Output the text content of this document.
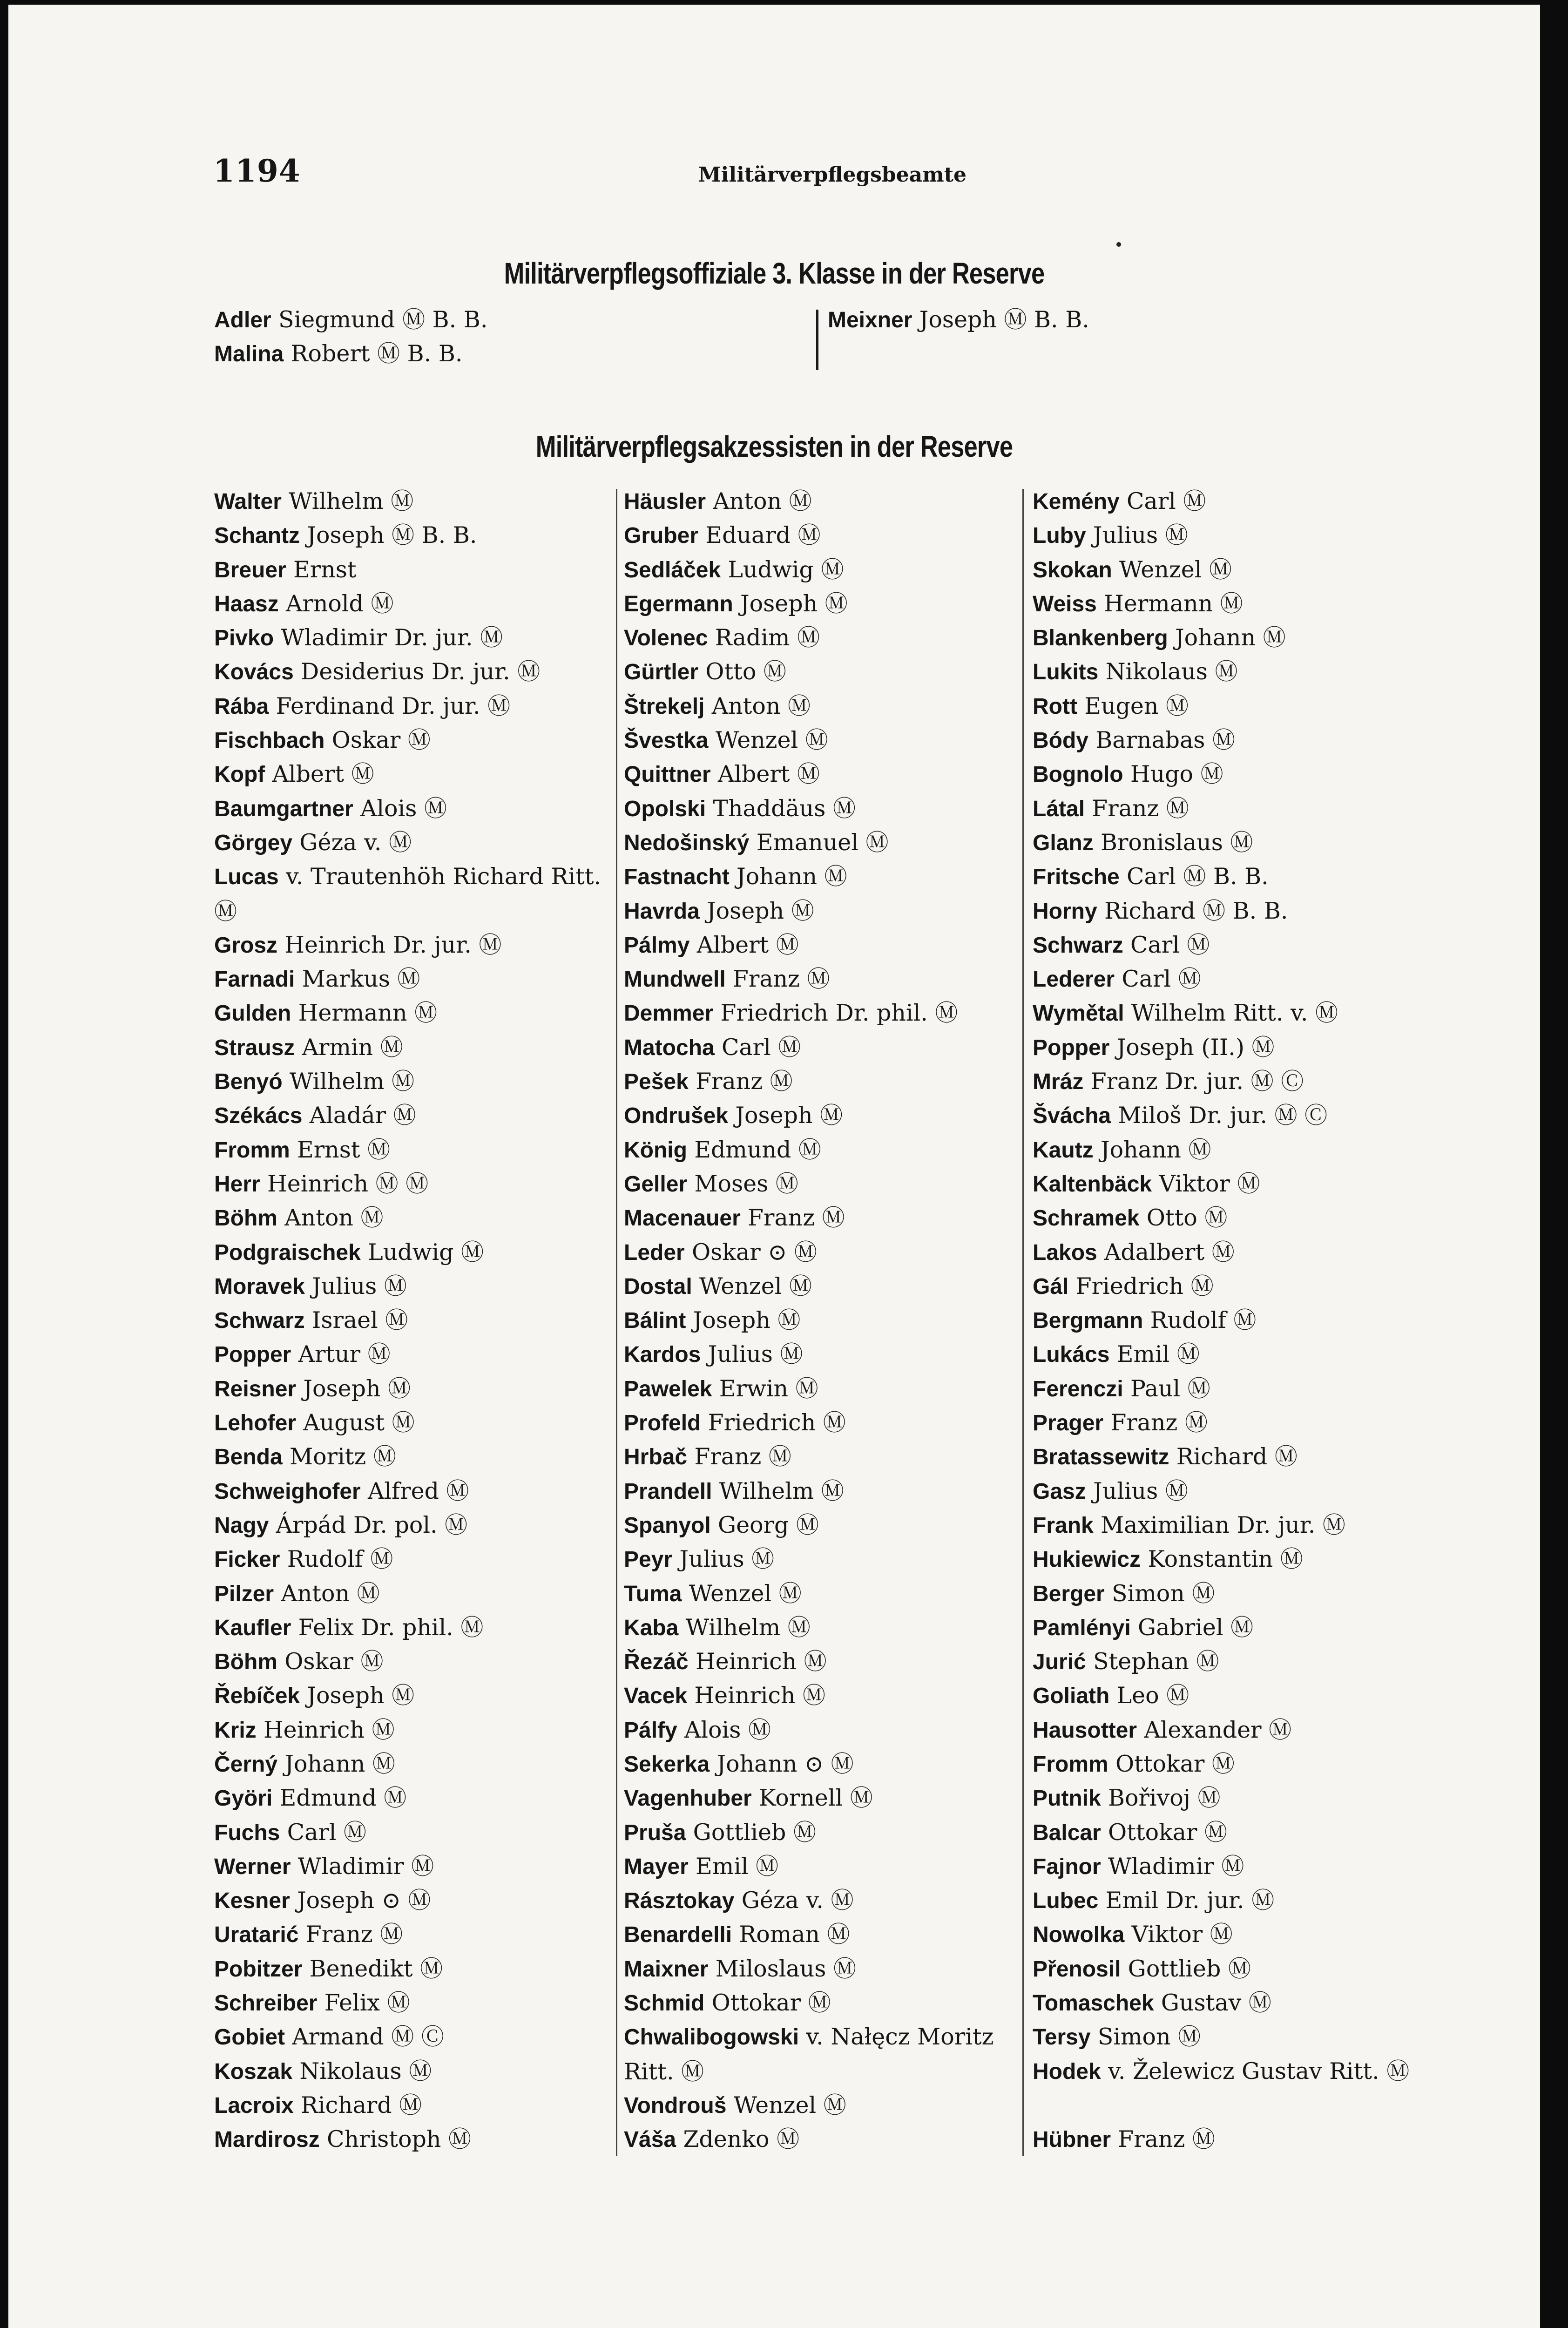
1194	Militärverpflegsbeamte
Militärverpflegsoffiziale 3. Klasse in der Reserve
Adler Siegmund Ⓜ B. B.
Malina Robert Ⓜ B. B.
Meixner Joseph Ⓜ B. B.
Militärverpflegsakzessisten in der Reserve
Walter Wilhelm Ⓜ
Schantz Joseph Ⓜ B. B.
Breuer Ernst
Haasz Arnold Ⓜ
Pivko Wladimir Dr. jur. Ⓜ
Kovács Desiderius Dr. jur. Ⓜ
Rába Ferdinand Dr. jur. Ⓜ
Fischbach Oskar Ⓜ
Kopf Albert Ⓜ
Baumgartner Alois Ⓜ
Görgey Géza v. Ⓜ
Lucas v. Trautenhöh Richard Ritt. Ⓜ
Grosz Heinrich Dr. jur. Ⓜ
Farnadi Markus Ⓜ
Gulden Hermann Ⓜ
Strausz Armin Ⓜ
Benyó Wilhelm Ⓜ
Székács Aladár Ⓜ
Fromm Ernst Ⓜ
Herr Heinrich Ⓜ Ⓜ
Böhm Anton Ⓜ
Podgraischek Ludwig Ⓜ
Moravek Julius Ⓜ
Schwarz Israel Ⓜ
Popper Artur Ⓜ
Reisner Joseph Ⓜ
Lehofer August Ⓜ
Benda Moritz Ⓜ
Schweighofer Alfred Ⓜ
Nagy Árpád Dr. pol. Ⓜ
Ficker Rudolf Ⓜ
Pilzer Anton Ⓜ
Kaufler Felix Dr. phil. Ⓜ
Böhm Oskar Ⓜ
Řebíček Joseph Ⓜ
Kriz Heinrich Ⓜ
Černý Johann Ⓜ
Györi Edmund Ⓜ
Fuchs Carl Ⓜ
Werner Wladimir Ⓜ
Kesner Joseph ⊙ Ⓜ
Uratarić Franz Ⓜ
Pobitzer Benedikt Ⓜ
Schreiber Felix Ⓜ
Gobiet Armand Ⓜ Ⓒ
Koszak Nikolaus Ⓜ
Lacroix Richard Ⓜ
Mardirosz Christoph Ⓜ
Häusler Anton Ⓜ
Gruber Eduard Ⓜ
Sedláček Ludwig Ⓜ
Egermann Joseph Ⓜ
Volenec Radim Ⓜ
Gürtler Otto Ⓜ
Štrekelj Anton Ⓜ
Švestka Wenzel Ⓜ
Quittner Albert Ⓜ
Opolski Thaddäus Ⓜ
Nedošinský Emanuel Ⓜ
Fastnacht Johann Ⓜ
Havrda Joseph Ⓜ
Pálmy Albert Ⓜ
Mundwell Franz Ⓜ
Demmer Friedrich Dr. phil. Ⓜ
Matocha Carl Ⓜ
Pešek Franz Ⓜ
Ondrušek Joseph Ⓜ
König Edmund Ⓜ
Geller Moses Ⓜ
Macenauer Franz Ⓜ
Leder Oskar ⊙ Ⓜ
Dostal Wenzel Ⓜ
Bálint Joseph Ⓜ
Kardos Julius Ⓜ
Pawelek Erwin Ⓜ
Profeld Friedrich Ⓜ
Hrbač Franz Ⓜ
Prandell Wilhelm Ⓜ
Spanyol Georg Ⓜ
Peyr Julius Ⓜ
Tuma Wenzel Ⓜ
Kaba Wilhelm Ⓜ
Řezáč Heinrich Ⓜ
Vacek Heinrich Ⓜ
Pálfy Alois Ⓜ
Sekerka Johann ⊙ Ⓜ
Vagenhuber Kornell Ⓜ
Pruša Gottlieb Ⓜ
Mayer Emil Ⓜ
Rásztokay Géza v. Ⓜ
Benardelli Roman Ⓜ
Maixner Miloslaus Ⓜ
Schmid Ottokar Ⓜ
Chwalibogowski v. Nałęcz Moritz Ritt. Ⓜ
Vondrouš Wenzel Ⓜ
Váša Zdenko Ⓜ
Kemény Carl Ⓜ
Luby Julius Ⓜ
Skokan Wenzel Ⓜ
Weiss Hermann Ⓜ
Blankenberg Johann Ⓜ
Lukits Nikolaus Ⓜ
Rott Eugen Ⓜ
Bódy Barnabas Ⓜ
Bognolo Hugo Ⓜ
Látal Franz Ⓜ
Glanz Bronislaus Ⓜ
Fritsche Carl Ⓜ B. B.
Horny Richard Ⓜ B. B.
Schwarz Carl Ⓜ
Lederer Carl Ⓜ
Wymětal Wilhelm Ritt. v. Ⓜ
Popper Joseph (II.) Ⓜ
Mráz Franz Dr. jur. Ⓜ Ⓒ
Švácha Miloš Dr. jur. Ⓜ Ⓒ
Kautz Johann Ⓜ
Kaltenbäck Viktor Ⓜ
Schramek Otto Ⓜ
Lakos Adalbert Ⓜ
Gál Friedrich Ⓜ
Bergmann Rudolf Ⓜ
Lukács Emil Ⓜ
Ferenczi Paul Ⓜ
Prager Franz Ⓜ
Bratassewitz Richard Ⓜ
Gasz Julius Ⓜ
Frank Maximilian Dr. jur. Ⓜ
Hukiewicz Konstantin Ⓜ
Berger Simon Ⓜ
Pamlényi Gabriel Ⓜ
Jurić Stephan Ⓜ
Goliath Leo Ⓜ
Hausotter Alexander Ⓜ
Fromm Ottokar Ⓜ
Putnik Bořivoj Ⓜ
Balcar Ottokar Ⓜ
Fajnor Wladimir Ⓜ
Lubec Emil Dr. jur. Ⓜ
Nowolka Viktor Ⓜ
Přenosil Gottlieb Ⓜ
Tomaschek Gustav Ⓜ
Tersy Simon Ⓜ
Hodek v. Želewicz Gustav Ritt. Ⓜ
Hübner Franz Ⓜ
